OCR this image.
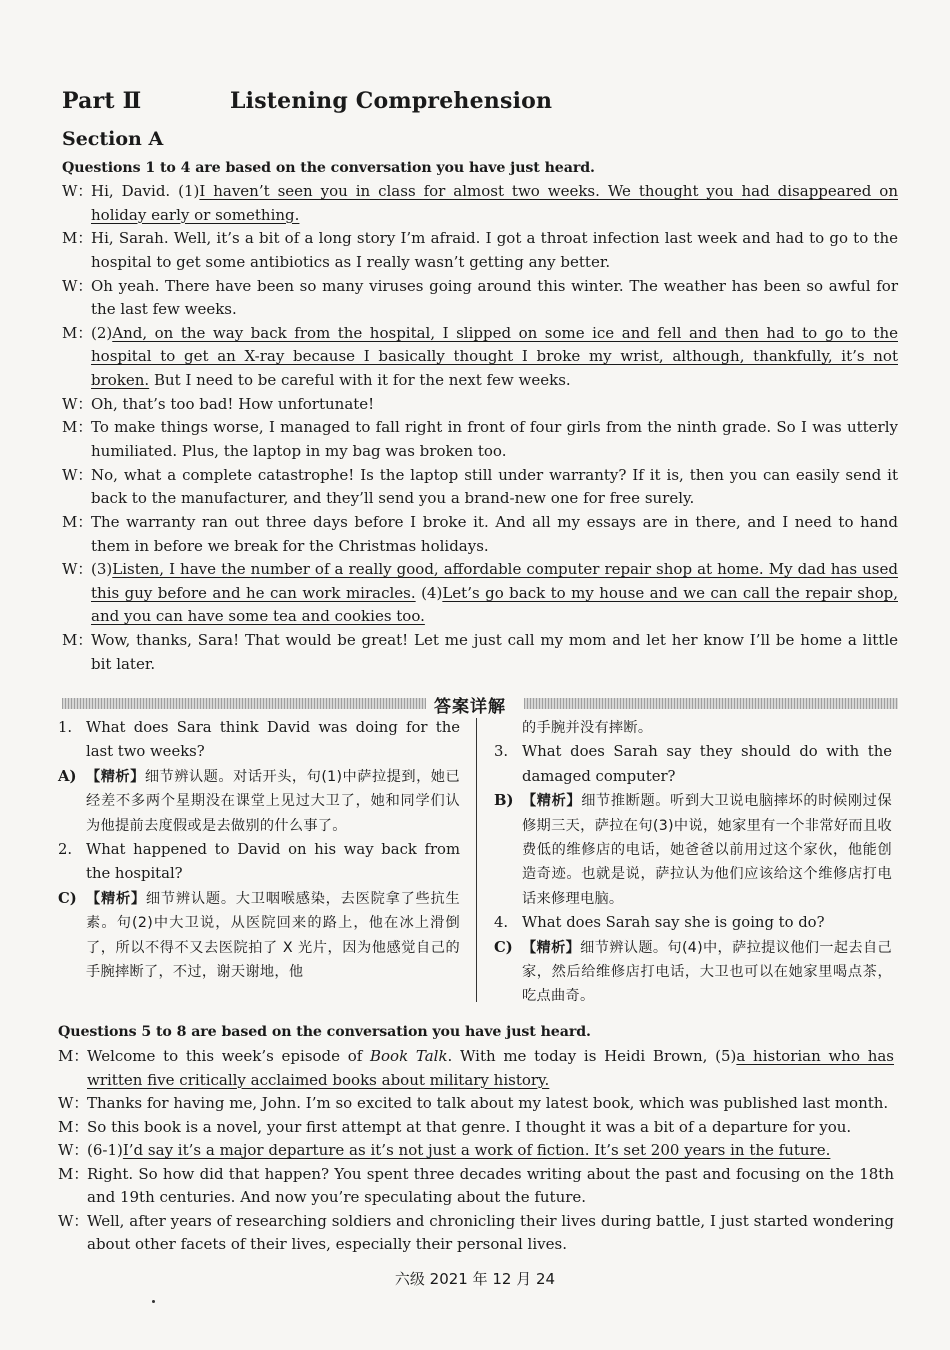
Part Ⅱ	Listening Comprehension
Section A
Questions 1 to 4 are based on the conversation you have just heard.
W：
Hi, David. (1)I haven’t seen you in class for almost two weeks. We thought you had disappeared on holiday early or something.
M：
Hi, Sarah. Well, it’s a bit of a long story I’m afraid. I got a throat infection last week and had to go to the hospital to get some antibiotics as I really wasn’t getting any better.
W：
Oh yeah. There have been so many viruses going around this winter. The weather has been so awful for the last few weeks.
M：
(2)And, on the way back from the hospital, I slipped on some ice and fell and then had to go to the hospital to get an X-ray because I basically thought I broke my wrist, although, thankfully, it’s not broken. But I need to be careful with it for the next few weeks.
W：
Oh, that’s too bad! How unfortunate!
M：
To make things worse, I managed to fall right in front of four girls from the ninth grade. So I was utterly humiliated. Plus, the laptop in my bag was broken too.
W：
No, what a complete catastrophe! Is the laptop still under warranty? If it is, then you can easily send it back to the manufacturer, and they’ll send you a brand-new one for free surely.
M：
The warranty ran out three days before I broke it. And all my essays are in there, and I need to hand them in before we break for the Christmas holidays.
W：
(3)Listen, I have the number of a really good, affordable computer repair shop at home. My dad has used this guy before and he can work miracles. (4)Let’s go back to my house and we can call the repair shop, and you can have some tea and cookies too.
M：
Wow, thanks, Sara! That would be great! Let me just call my mom and let her know I’ll be home a little bit later.
答案详解
1. What does Sara think David was doing for the last two weeks?
A) 【精析】细节辨认题。对话开头，句(1)中萨拉提到，她已经差不多两个星期没在课堂上见过大卫了，她和同学们认为他提前去度假或是去做别的什么事了。
2. What happened to David on his way back from the hospital?
C) 【精析】细节辨认题。大卫咽喉感染，去医院拿了些抗生素。句(2)中大卫说，从医院回来的路上，他在冰上滑倒了，所以不得不又去医院拍了 X 光片，因为他感觉自己的手腕摔断了，不过，谢天谢地，他
的手腕并没有摔断。
3. What does Sarah say they should do with the damaged computer?
B) 【精析】细节推断题。听到大卫说电脑摔坏的时候刚过保修期三天，萨拉在句(3)中说，她家里有一个非常好而且收费低的维修店的电话，她爸爸以前用过这个家伙，他能创造奇迹。也就是说，萨拉认为他们应该给这个维修店打电话来修理电脑。
4. What does Sarah say she is going to do?
C) 【精析】细节辨认题。句(4)中，萨拉提议他们一起去自己家，然后给维修店打电话，大卫也可以在她家里喝点茶，吃点曲奇。
Questions 5 to 8 are based on the conversation you have just heard.
M：
Welcome to this week’s episode of Book Talk. With me today is Heidi Brown, (5)a historian who has written five critically acclaimed books about military history.
W：
Thanks for having me, John. I’m so excited to talk about my latest book, which was published last month.
M：
So this book is a novel, your first attempt at that genre. I thought it was a bit of a departure for you.
W：
(6-1)I’d say it’s a major departure as it’s not just a work of fiction. It’s set 200 years in the future.
M：
Right. So how did that happen? You spent three decades writing about the past and focusing on the 18th and 19th centuries. And now you’re speculating about the future.
W：
Well, after years of researching soldiers and chronicling their lives during battle, I just started wondering about other facets of their lives, especially their personal lives.
六级 2021 年 12 月 24
